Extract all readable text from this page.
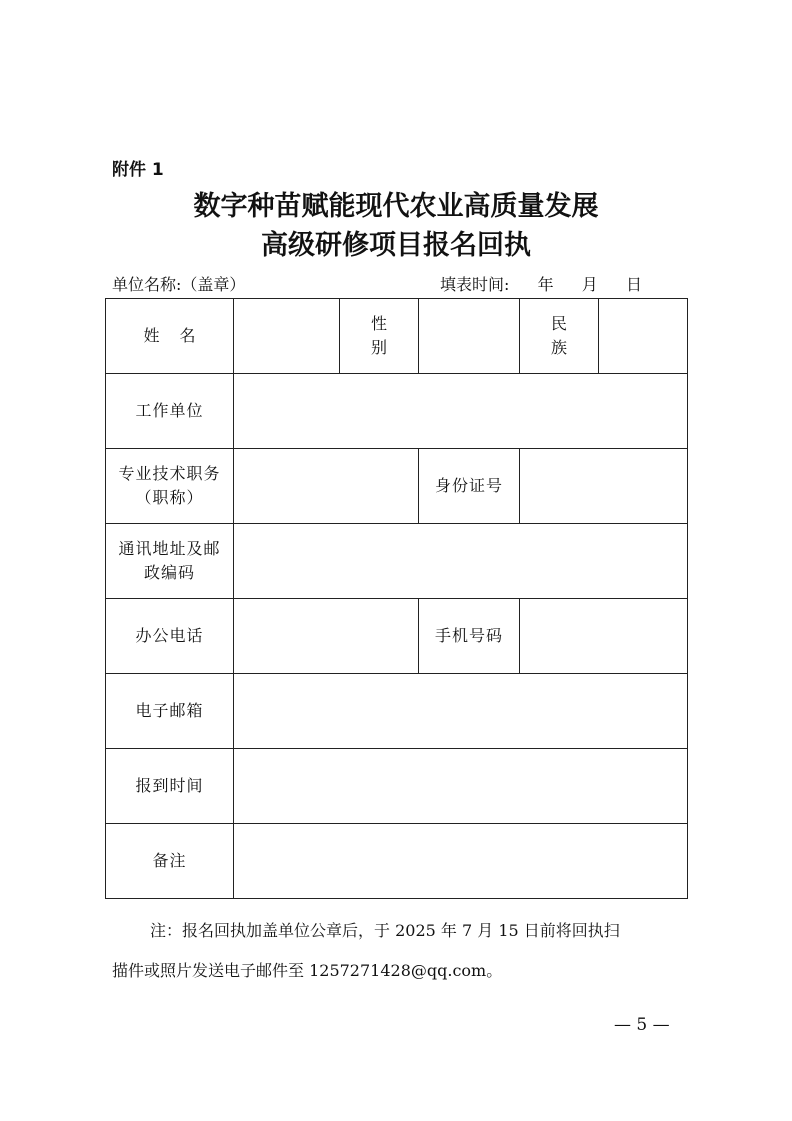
附件 1
数字种苗赋能现代农业高质量发展
高级研修项目报名回执
单位名称:（盖章）	填表时间: 年 月 日
姓名		性别		民族	
工作单位					

专业技术职务
（职称）			身份证号		

通讯地址及邮
政编码					

办公电话			手机号码		
电子邮箱					
报到时间					
备注					
注：报名回执加盖单位公章后，于 2025 年 7 月 15 日前将回执扫
描件或照片发送电子邮件至 1257271428@qq.com。
— 5 —
